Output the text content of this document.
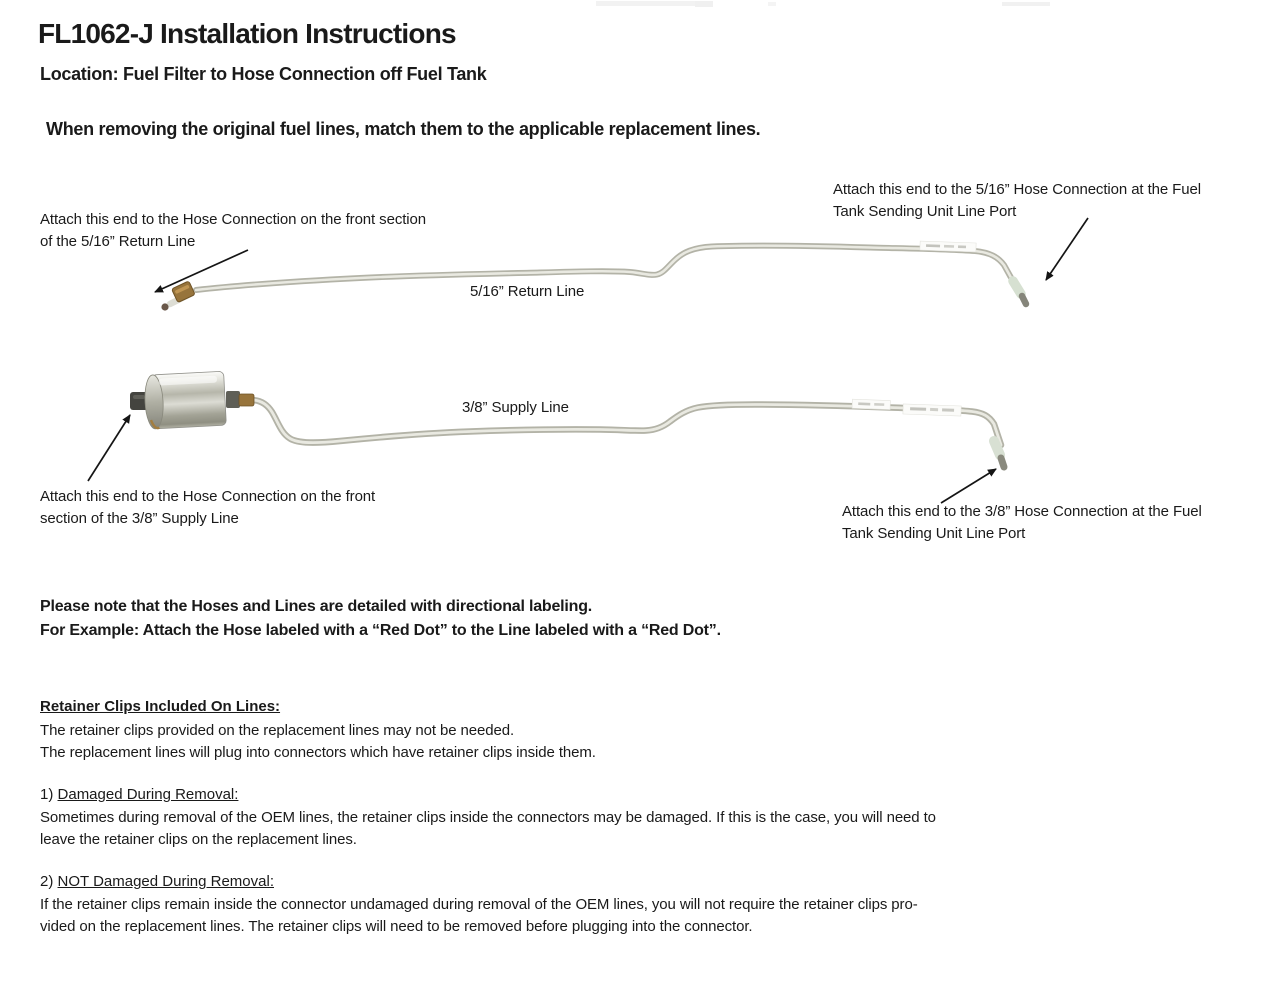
FL1062-J Installation Instructions
Location: Fuel Filter to Hose Connection off Fuel Tank
When removing the original fuel lines, match them to the applicable replacement lines.
Attach this end to the Hose Connection on the front section
of the 5/16” Return Line
Attach this end to the 5/16” Hose Connection at the Fuel
Tank Sending Unit Line Port
5/16” Return Line
3/8” Supply Line
Attach this end to the Hose Connection on the front
section of the 3/8” Supply Line	Attach this end to the 3/8” Hose Connection at the Fuel
Tank Sending Unit Line Port
Please note that the Hoses and Lines are detailed with directional labeling.
For Example: Attach the Hose labeled with a “Red Dot” to the Line labeled with a “Red Dot”.
Retainer Clips Included On Lines:
The retainer clips provided on the replacement lines may not be needed.
The replacement lines will plug into connectors which have retainer clips inside them.
1) Damaged During Removal:
Sometimes during removal of the OEM lines, the retainer clips inside the connectors may be damaged. If this is the case, you will need to
leave the retainer clips on the replacement lines.
2) NOT Damaged During Removal:
If the retainer clips remain inside the connector undamaged during removal of the OEM lines, you will not require the retainer clips pro-
vided on the replacement lines. The retainer clips will need to be removed before plugging into the connector.
